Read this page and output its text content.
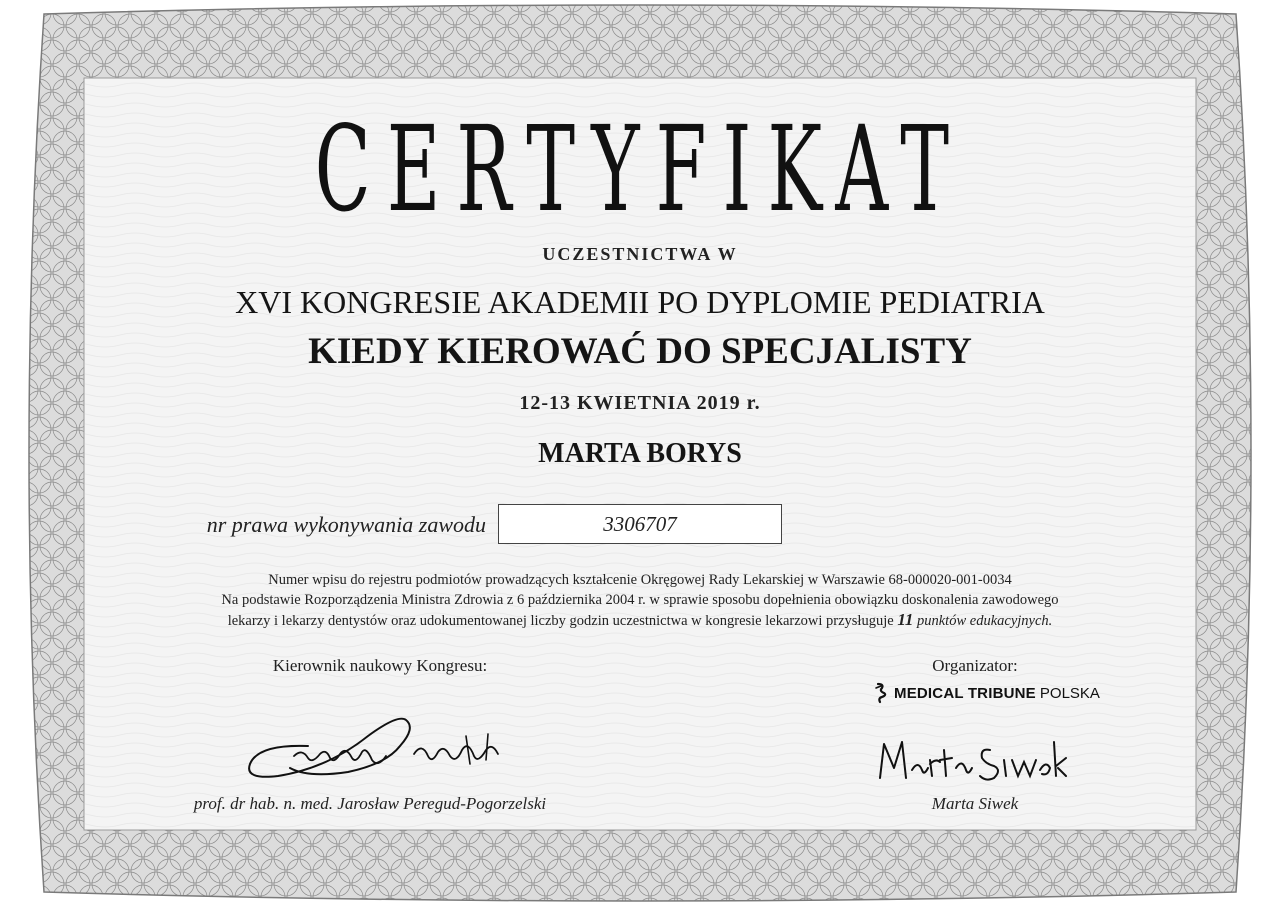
CERTYFIKAT
UCZESTNICTWA W
XVI KONGRESIE AKADEMII PO DYPLOMIE PEDIATRIA
KIEDY KIEROWAĆ DO SPECJALISTY
12-13 KWIETNIA 2019 r.
MARTA BORYS
nr prawa wykonywania zawodu	3306707
Numer wpisu do rejestru podmiotów prowadzących kształcenie Okręgowej Rady Lekarskiej w Warszawie 68-000020-001-0034
Na podstawie Rozporządzenia Ministra Zdrowia z 6 października 2004 r. w sprawie sposobu dopełnienia obowiązku doskonalenia zawodowego
lekarzy i lekarzy dentystów oraz udokumentowanej liczby godzin uczestnictwa w kongresie lekarzowi przysługuje 11 punktów edukacyjnych.
Kierownik naukowy Kongresu:	Organizator:
MEDICAL TRIBUNE POLSKA
prof. dr hab. n. med. Jarosław Peregud-Pogorzelski	Marta Siwek
